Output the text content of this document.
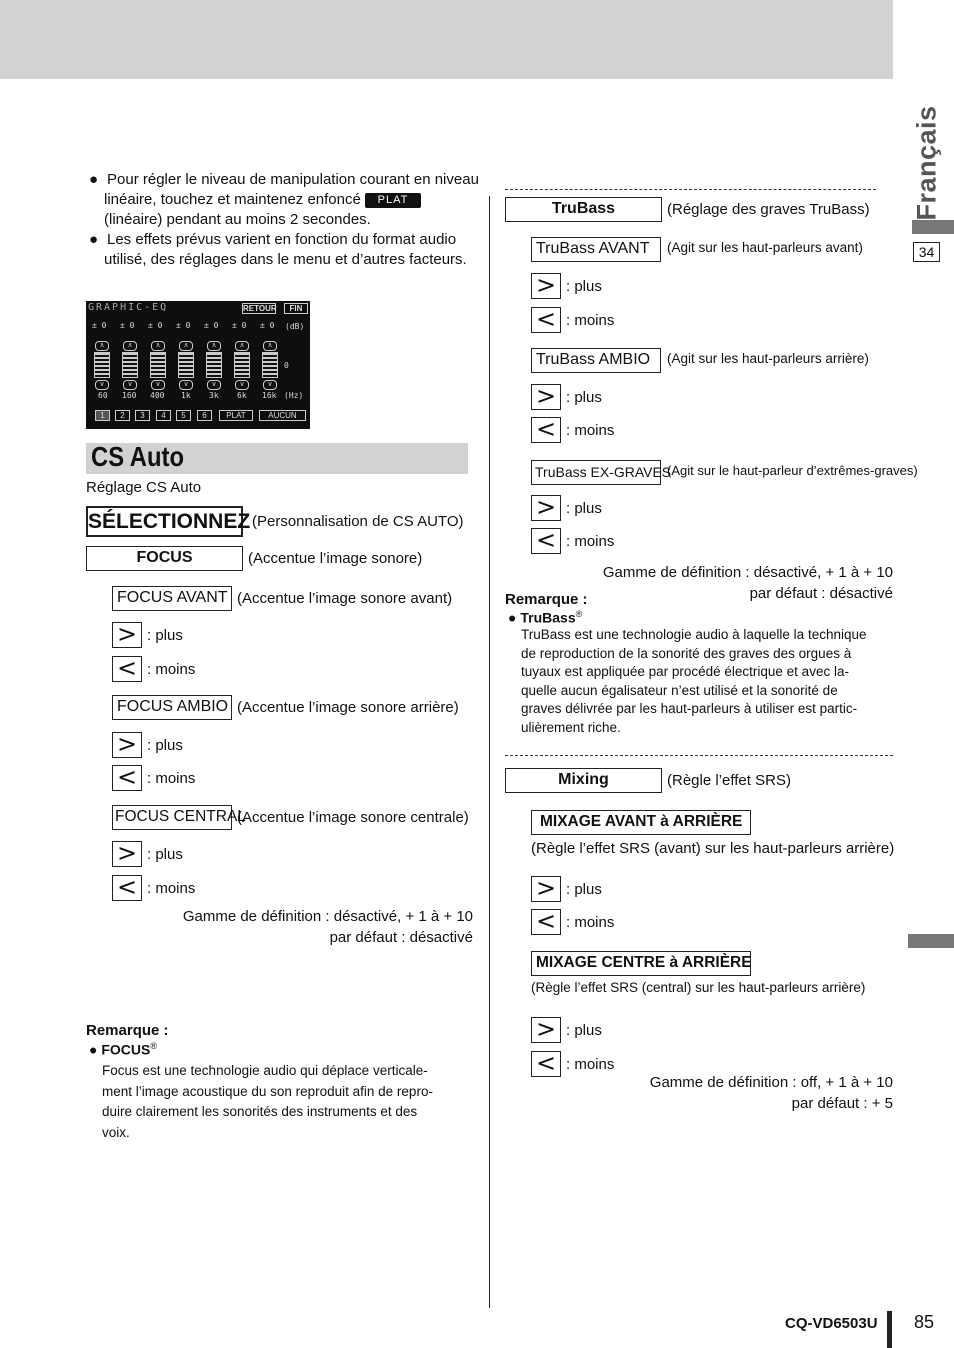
Français
34
● Pour régler le niveau de manipulation courant en niveau
linéaire, touchez et maintenez enfoncé PLAT
(linéaire) pendant au moins 2 secondes.
● Les effets prévus varient en fonction du format audio
utilisé, des réglages dans le menu et d’autres facteurs.
GRAPHIC-EQ	RETOUR	FIN
± 0 ± 0 ± 0 ± 0 ± 0 ± 0 ± 0 (dB)
∧	∧	∧	∧	∧	∧	∧
0
∨	∨	∨	∨	∨	∨	∨
60 160 400 1k 3k 6k 16k (Hz)
1	2	3	4	5	6	PLAT	AUCUN
CS Auto
Réglage CS Auto
SÉLECTIONNEZ (Personnalisation de CS AUTO)
FOCUS	(Accentue l’image sonore)
FOCUS AVANT (Accentue l’image sonore avant)
> : plus
< : moins
FOCUS AMBIO (Accentue l’image sonore arrière)
> : plus
< : moins
FOCUS CENTRAL
(Accentue l’image sonore centrale)
> : plus
< : moins
Gamme de définition : désactivé, + 1 à + 10
par défaut : désactivé
Remarque :
● FOCUS®
Focus est une technologie audio qui déplace verticale-
ment l’image acoustique du son reproduit afin de repro-
duire clairement les sonorités des instruments et des
voix.
TruBass	(Réglage des graves TruBass)
TruBass AVANT	(Agit sur les haut-parleurs avant)
> : plus
< : moins
TruBass AMBIO	(Agit sur les haut-parleurs arrière)
> : plus
< : moins
TruBass EX-GRAVES
(Agit sur le haut-parleur d’extrêmes-graves)
> : plus
< : moins
Gamme de définition : désactivé, + 1 à + 10
par défaut : désactivé
Remarque :
● TruBass®
TruBass est une technologie audio à laquelle la technique
de reproduction de la sonorité des graves des orgues à
tuyaux est appliquée par procédé électrique et avec la-
quelle aucun égalisateur n’est utilisé et la sonorité de
graves délivrée par les haut-parleurs à utiliser est partic-
ulièrement riche.
Mixing	(Règle l’effet SRS)
MIXAGE AVANT à ARRIÈRE
(Règle l’effet SRS (avant) sur les haut-parleurs arrière)
> : plus
< : moins
MIXAGE CENTRE à ARRIÈRE
(Règle l’effet SRS (central) sur les haut-parleurs arrière)
> : plus
< : moins
Gamme de définition : off, + 1 à + 10
par défaut : + 5
CQ-VD6503U 85
